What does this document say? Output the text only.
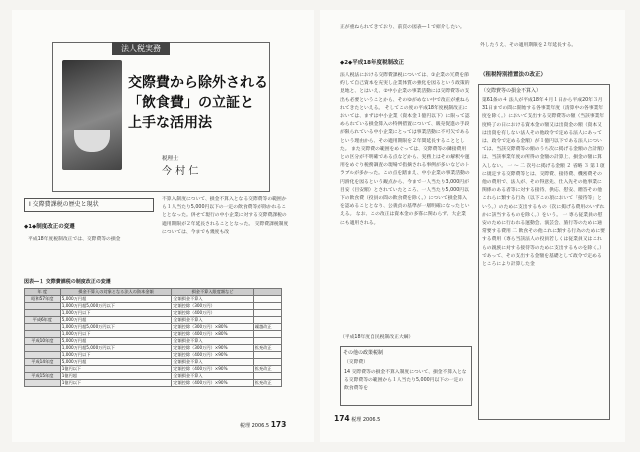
法人税実務
交際費から除外される
「飲食費」の立証と
上手な活用法
税理士
今 村 仁
Ⅰ 交際費課税の歴史と現状
◆1◆制度改正の変遷
平成18年度税制改正では、交際費等の損金
不算入制度について、損金不算入となる交際費等の範囲から１人当たり5,000円以下の一定の飲食費等が除かれることとなった。併せて現行の中小企業に対する交際費課税の適用期限が２年延長されることとなった。 交際費課税制度については、今までも幾度も改
図表―１ 交際費課税の制度改正の変遷
年 度	損金不算入の対象となる法人の資本金額	損金不算入限度額など	
昭和57年度	5,000万円超	全額損金不算入	
	1,000万円超5,000万円以下	定額控除（300万円）	
	1,000万円以下	定額控除（400万円）	
平成6年度	5,000万円超	全額損金不算入	
	1,000万円超5,000万円以下	定額控除（300万円）×80%	繰越改正
	1,000万円以下	定額控除（400万円）×80%	
平成10年度	5,000万円超	全額損金不算入	
	1,000万円超5,000万円以下	定額控除（300万円）×90%	拡充改正
	1,000万円以下	定額控除（400万円）×90%	
平成14年度	5,000万円超	全額損金不算入	
	1億円以下	定額控除（400万円）×90%	拡充改正
平成15年度	1億円超	全額損金不算入	
	1億円以下	定額控除（400万円）×90%	拡充改正
税理 2006.5 173
正が重ねられてきており、前頁の図表―１で紹介したい。
◆2◆平成18年度税制改正
法人税法における交際費課税については、①企業の冗費を節約して自己資本を充実し企業体質の強化を図るという政策的見地と、とはいえ、②中小企業の事業活動には交際費等の支出も必要ということから、そのゆがめない中で改正が重ねられてきたといえる。 そしてこの度の平成18年度税制改正においては、まずは中小企業（資本金１億円以下）に限って認められている損金算入の特例措置について、販売促進の手段が限られている中小企業にとっては事業活動に不可欠であるという理由から、その適用期限を２年間延長することとした。 また交際費の範囲をめぐっては、交際費等の隣接費用との区分が不明確である点などから、実務上はその解釈や運用をめぐり税務調査の現場で指摘される事例が多いなどのトラブルが多かった。この点を踏まえ、中小企業の事業活動の円滑化を図るという観点から、今まで一人当たり3,000円が目安（目安額）とされていたところ、一人当たり5,000円以下の飲食費（役員の間の飲食費を除く。）について損金算入を認めることとなり、公義貞の基準が一層明確になったといえる。 なお、この改正は資本金の多寡に関わらず、大企業にも適用される。
（平成18年度自民税制改正大綱）
その他の政策税制
（交際費）
14 交際費等の損金不算入制度について、損金不算入となる交際費等の範囲から１人当たり5,000円以下の一定の飲食費等を
外したうえ、その適用期限を２年延長する。
（租税特別措置法の改正）
（交際費等の損金不算入）
第61条の４ 法人が平成18年４月１日から平成20年３月31日までの間に開始する各事業年度（清算中の各事業年度を除く。）において支出する交際費等の額（当該事業年度終了の日における資本金の額又は出資金の額（資本又は出資を有しない法人その他政令で定める法人にあっては、政令で定める金額）が１億円以下である法人については、当該交際費等の額のうち次に掲げる金額の合計額）は、当該事業年度の所得の金額の計算上、損金の額に算入しない。 一 ～ 二 次号に掲げる金額 ２ 省略 ３ 第１項に規定する交際費等とは、交際費、接待費、機密費その他の費用で、法人が、その得意先、仕入先その他事業に関係のある者等に対する接待、供応、慰安、贈答その他これらに類する行為（以下この項において「接待等」という。）のために支出するもの（次に掲げる費用のいずれかに該当するものを除く。）をいう。 一 専ら従業員の慰安のために行われる運動会、演芸会、旅行等のために通常要する費用 二 飲食その他これに類する行為のために要する費用（専ら当該法人の役員若しくは従業員又はこれらの親族に対する接待等のために支出するものを除く。）であって、その支出する金額を基礎として政令で定めるところにより計算した金
174 税理 2006.5
